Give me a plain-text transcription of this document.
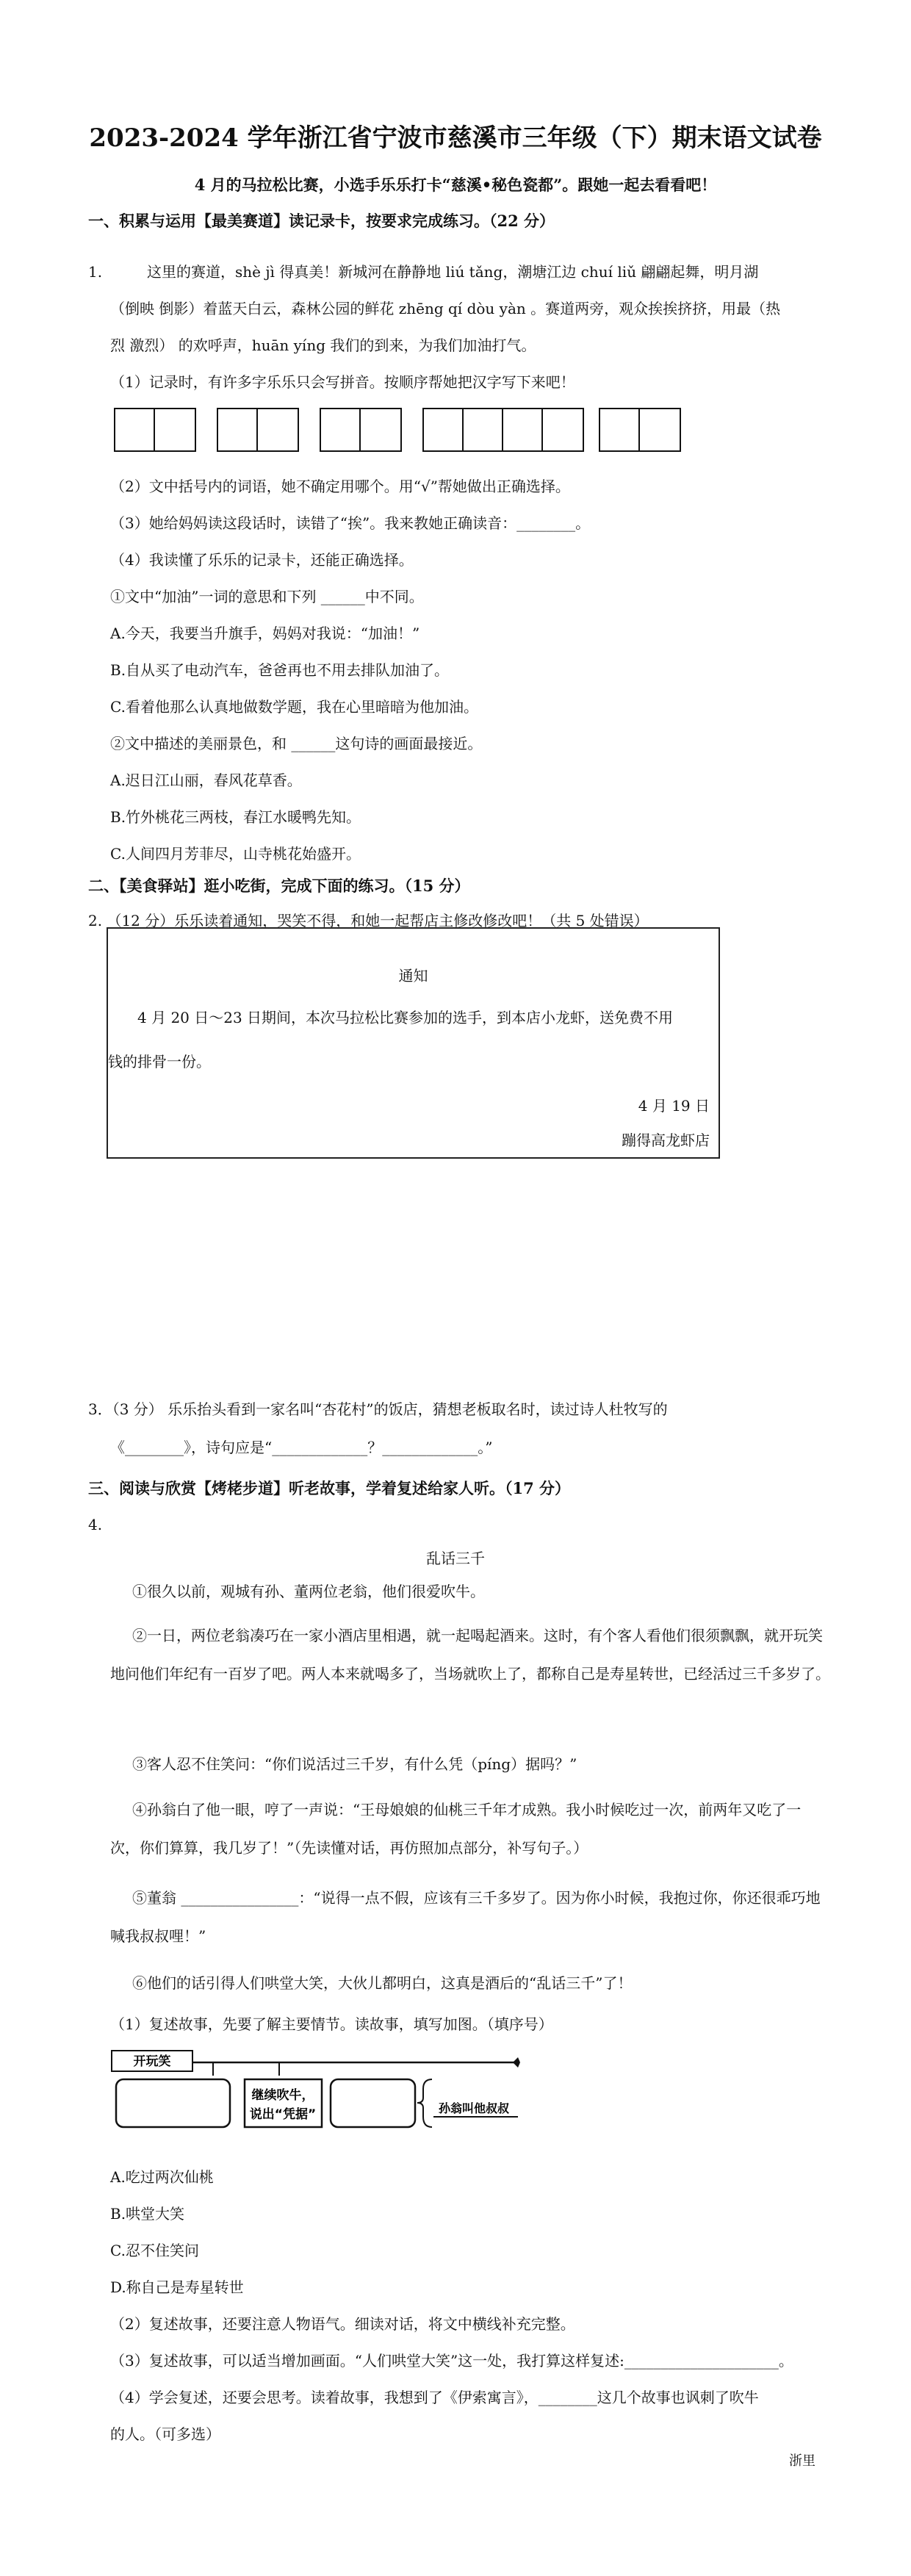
2023-2024 学年浙江省宁波市慈溪市三年级（下）期末语文试卷
4 月的马拉松比赛，小选手乐乐打卡“慈溪•秘色瓷都”。跟她一起去看看吧！
一、积累与运用【最美赛道】读记录卡，按要求完成练习。（22 分）
1.	这里的赛道，shè jì 得真美！新城河在静静地 liú tǎng，潮塘江边 chuí liǔ 翩翩起舞，明月湖
（倒映 倒影）着蓝天白云，森林公园的鲜花 zhēng qí dòu yàn 。赛道两旁，观众挨挨挤挤，用最（热
烈 激烈） 的欢呼声，huān yíng 我们的到来，为我们加油打气。
（1）记录时，有许多字乐乐只会写拼音。按顺序帮她把汉字写下来吧！
（2）文中括号内的词语，她不确定用哪个。用“√”帮她做出正确选择。
（3）她给妈妈读这段话时，读错了“挨”。我来教她正确读音：________。
（4）我读懂了乐乐的记录卡，还能正确选择。
①文中“加油”一词的意思和下列 ______中不同。
A.今天，我要当升旗手，妈妈对我说：“加油！”
B.自从买了电动汽车，爸爸再也不用去排队加油了。
C.看着他那么认真地做数学题，我在心里暗暗为他加油。
②文中描述的美丽景色，和 ______这句诗的画面最接近。
A.迟日江山丽，春风花草香。
B.竹外桃花三两枝，春江水暖鸭先知。
C.人间四月芳菲尽，山寺桃花始盛开。
二、【美食驿站】逛小吃街，完成下面的练习。（15 分）
2. （12 分）乐乐读着通知，哭笑不得，和她一起帮店主修改修改吧！（共 5 处错误）
通知
4 月 20 日～23 日期间，本次马拉松比赛参加的选手，到本店小龙虾，送免费不用
钱的排骨一份。
4 月 19 日
蹦得高龙虾店
3．（3 分） 乐乐抬头看到一家名叫“杏花村”的饭店，猜想老板取名时，读过诗人杜牧写的
《________》，诗句应是“_____________？_____________。”
三、阅读与欣赏【烤栳步道】听老故事，学着复述给家人听。（17 分）
4.
乱话三千
①很久以前，观城有孙、董两位老翁，他们很爱吹牛。
②一日，两位老翁凑巧在一家小酒店里相遇，就一起喝起酒来。这时，有个客人看他们很须飘飘，就开玩笑地问他们年纪有一百岁了吧。两人本来就喝多了，当场就吹上了，都称自己是寿星转世，已经活过三千多岁了。
③客人忍不住笑问：“你们说活过三千岁，有什么凭（píng）据吗？”
④孙翁白了他一眼，哼了一声说：“王母娘娘的仙桃三千年才成熟。我小时候吃过一次，前两年又吃了一次，你们算算，我几岁了！”（先读懂对话，再仿照加点部分，补写句子。）
⑤董翁 ________________：“说得一点不假，应该有三千多岁了。因为你小时候，我抱过你，你还很乖巧地喊我叔叔哩！”
⑥他们的话引得人们哄堂大笑，大伙儿都明白，这真是酒后的“乱话三千”了！
（1）复述故事，先要了解主要情节。读故事，填写加图。（填序号）
开玩笑
继续吹牛，
说出“凭据”	孙翁叫他叔叔
A.吃过两次仙桃
B.哄堂大笑
C.忍不住笑问
D.称自己是寿星转世
（2）复述故事，还要注意人物语气。细读对话，将文中横线补充完整。
（3）复述故事，可以适当增加画面。“人们哄堂大笑”这一处，我打算这样复述:_____________________。
（4）学会复述，还要会思考。读着故事，我想到了《伊索寓言》，________这几个故事也讽刺了吹牛
的人。（可多选）
浙里
